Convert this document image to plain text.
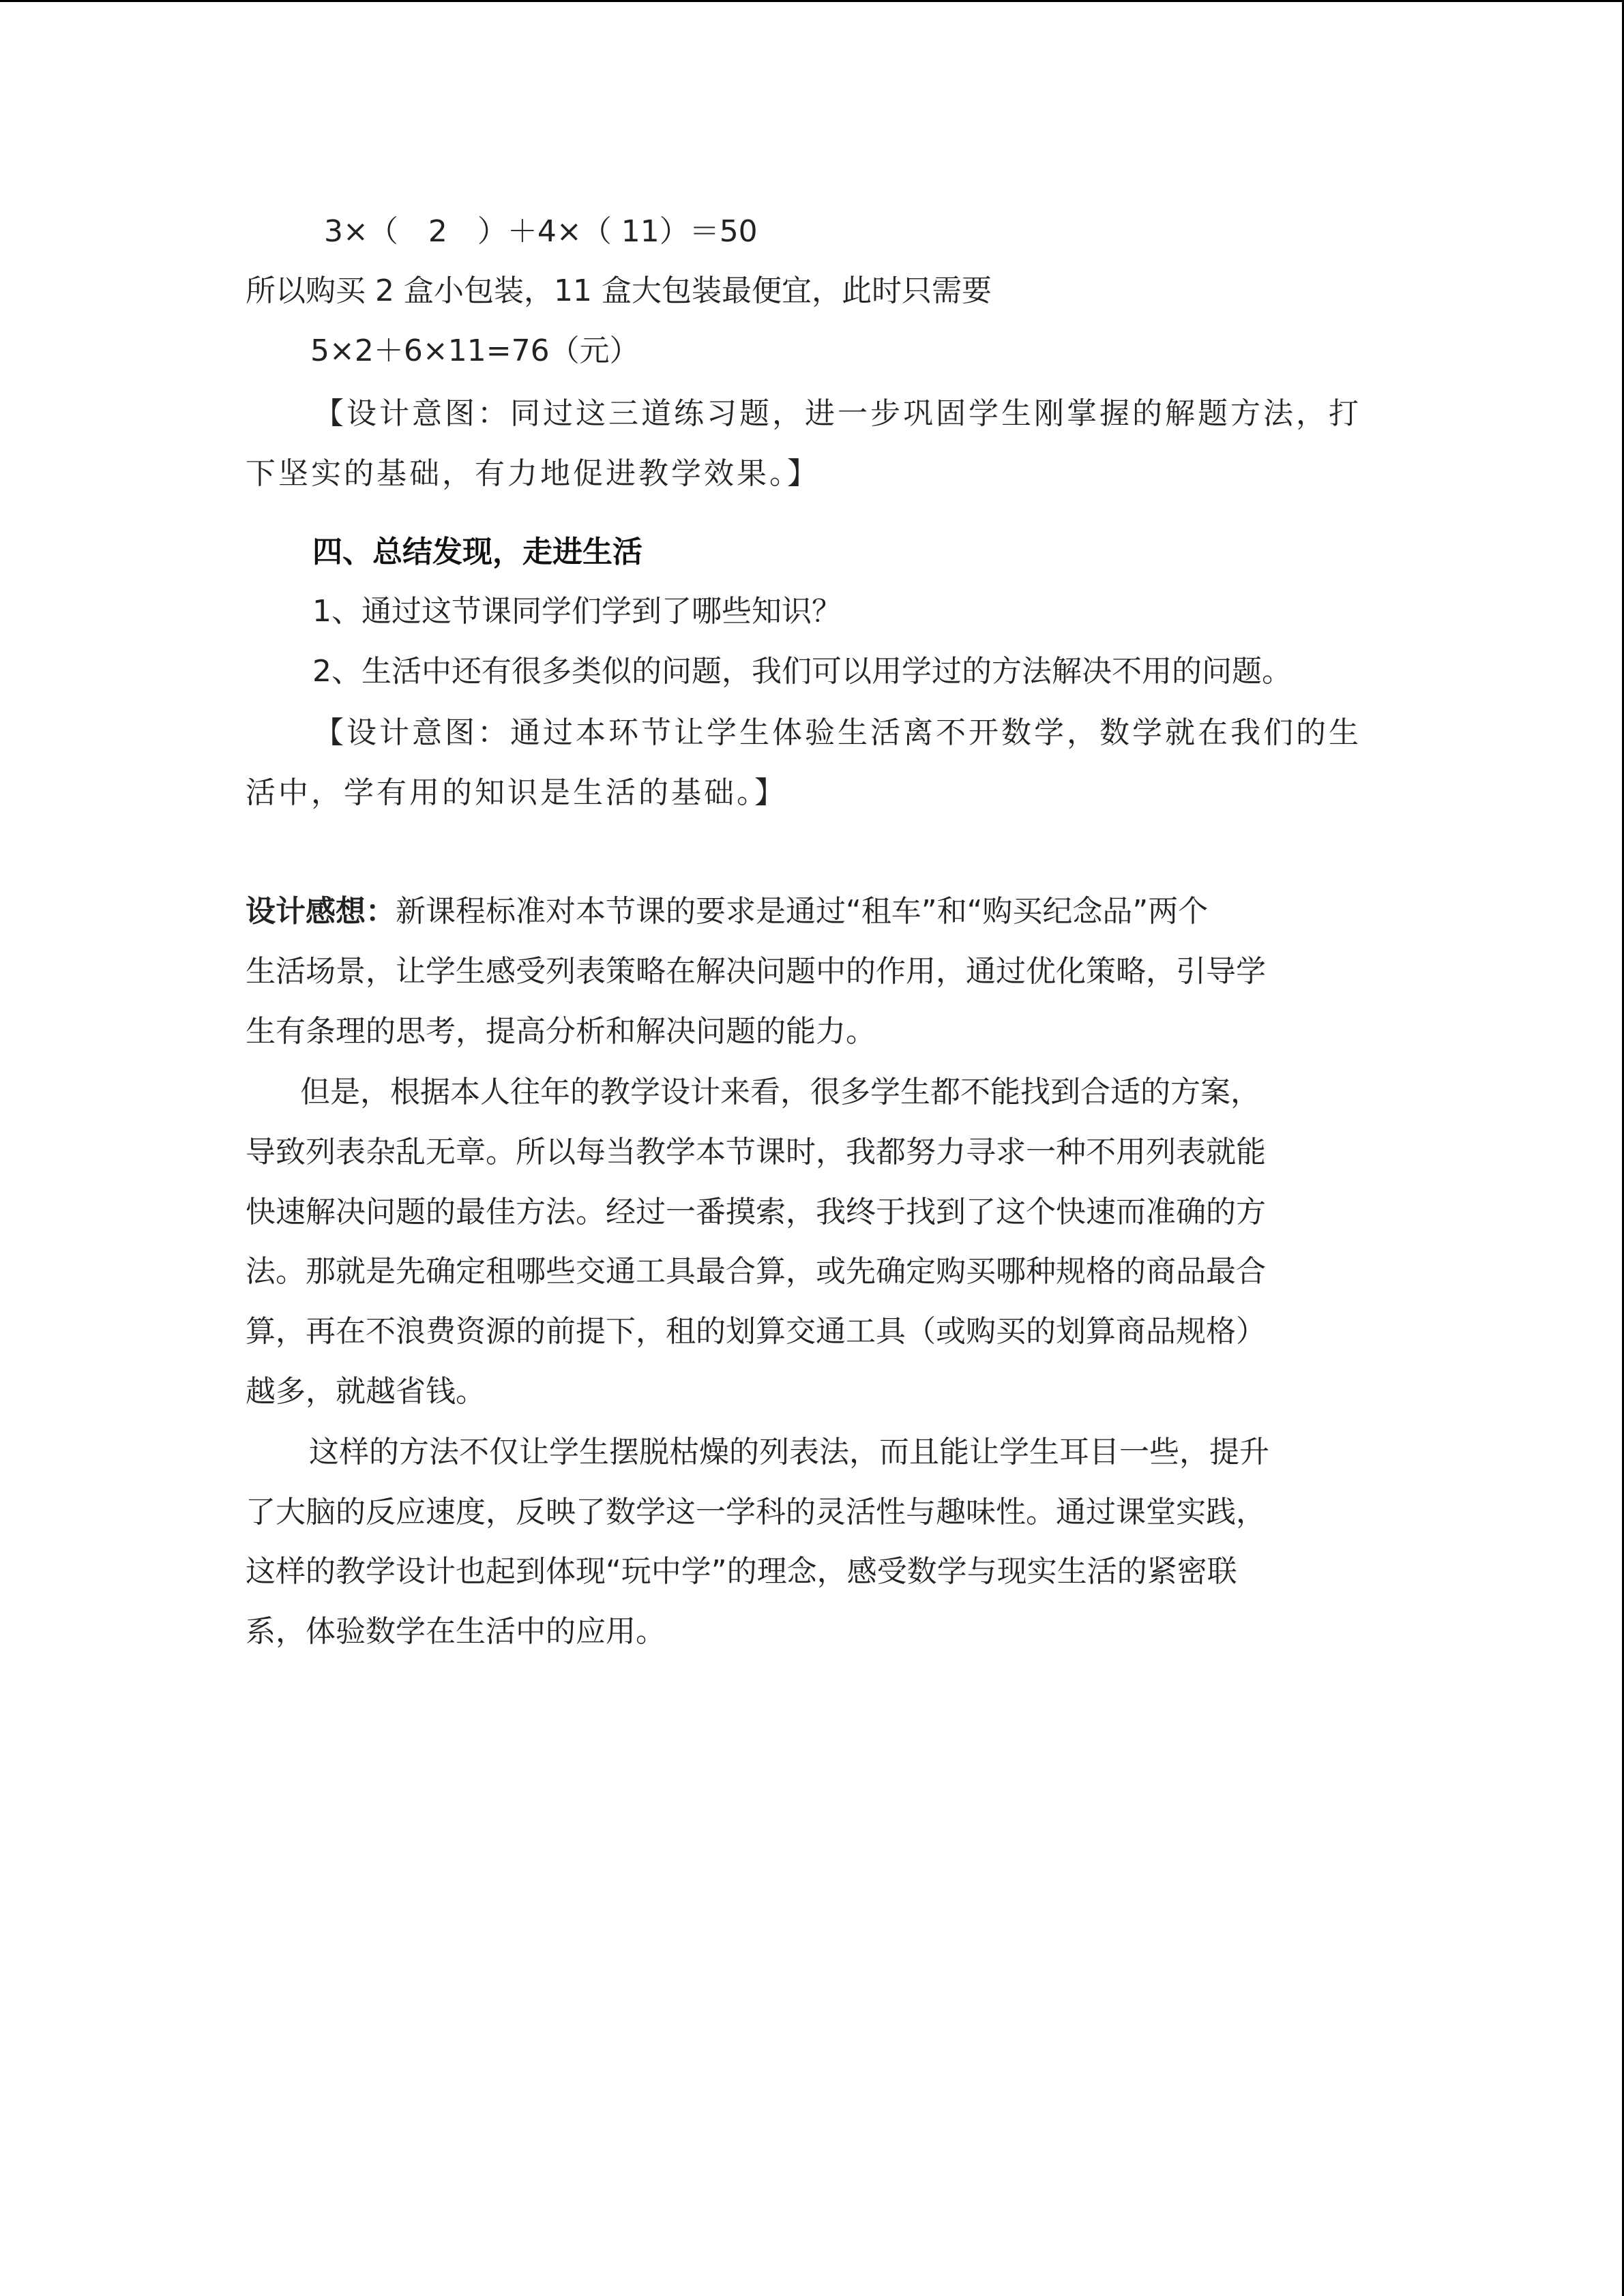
3×（　2　）＋4×（ 11）＝50
所以购买 2 盒小包装，11 盒大包装最便宜，此时只需要
5×2＋6×11=76（元）
【设计意图：同过这三道练习题，进一步巩固学生刚掌握的解题方法，打
下坚实的基础，有力地促进教学效果。】
四、总结发现，走进生活
1、通过这节课同学们学到了哪些知识？
2、生活中还有很多类似的问题，我们可以用学过的方法解决不用的问题。
【设计意图：通过本环节让学生体验生活离不开数学，数学就在我们的生
活中，学有用的知识是生活的基础。】
设计感想：新课程标准对本节课的要求是通过“租车”和“购买纪念品”两个
生活场景，让学生感受列表策略在解决问题中的作用，通过优化策略，引导学
生有条理的思考，提高分析和解决问题的能力。
但是，根据本人往年的教学设计来看，很多学生都不能找到合适的方案，
导致列表杂乱无章。所以每当教学本节课时，我都努力寻求一种不用列表就能
快速解决问题的最佳方法。经过一番摸索，我终于找到了这个快速而准确的方
法。那就是先确定租哪些交通工具最合算，或先确定购买哪种规格的商品最合
算，再在不浪费资源的前提下，租的划算交通工具（或购买的划算商品规格）
越多，就越省钱。
这样的方法不仅让学生摆脱枯燥的列表法，而且能让学生耳目一些，提升
了大脑的反应速度，反映了数学这一学科的灵活性与趣味性。通过课堂实践，
这样的教学设计也起到体现“玩中学”的理念，感受数学与现实生活的紧密联
系，体验数学在生活中的应用。
